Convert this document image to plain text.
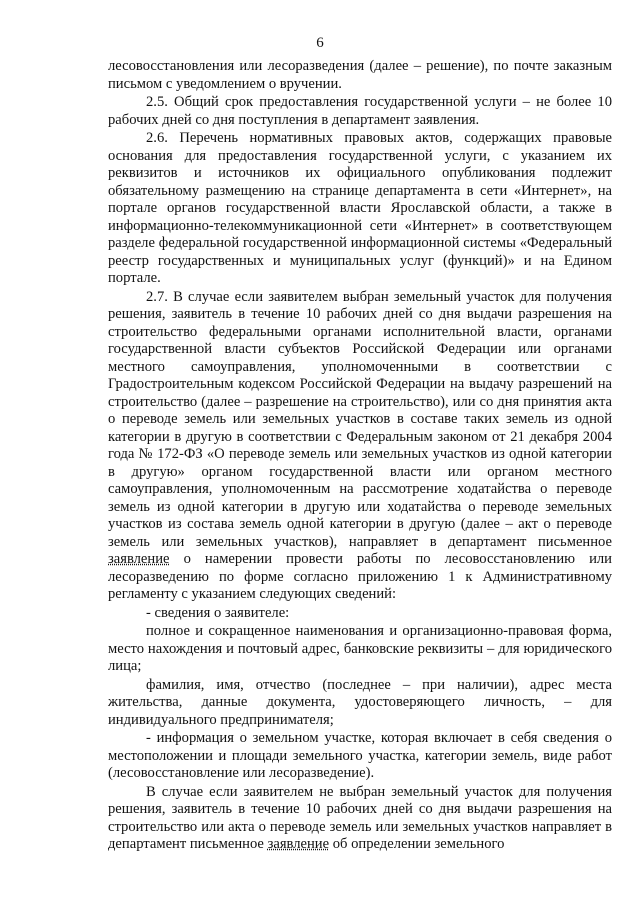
6

лесовосстановления или лесоразведения (далее – решение), по почте заказным письмом с уведомлением о вручении.

2.5. Общий срок предоставления государственной услуги – не более 10 рабочих дней со дня поступления в департамент заявления.

2.6. Перечень нормативных правовых актов, содержащих правовые основания для предоставления государственной услуги, с указанием их реквизитов и источников их официального опубликования подлежит обязательному размещению на странице департамента в сети «Интернет», на портале органов государственной власти Ярославской области, а также в информационно-телекоммуникационной сети «Интернет» в соответствующем разделе федеральной государственной информационной системы «Федеральный реестр государственных и муниципальных услуг (функций)» и на Едином портале.

2.7. В случае если заявителем выбран земельный участок для получения решения, заявитель в течение 10 рабочих дней со дня выдачи разрешения на строительство федеральными органами исполнительной власти, органами государственной власти субъектов Российской Федерации или органами местного самоуправления, уполномоченными в соответствии с Градостроительным кодексом Российской Федерации на выдачу разрешений на строительство (далее – разрешение на строительство), или со дня принятия акта о переводе земель или земельных участков в составе таких земель из одной категории в другую в соответствии с Федеральным законом от 21 декабря 2004 года № 172-ФЗ «О переводе земель или земельных участков из одной категории в другую» органом государственной власти или органом местного самоуправления, уполномоченным на рассмотрение ходатайства о переводе земель из одной категории в другую или ходатайства о переводе земельных участков из состава земель одной категории в другую (далее – акт о переводе земель или земельных участков), направляет в департамент письменное заявление о намерении провести работы по лесовосстановлению или лесоразведению по форме согласно приложению 1 к Административному регламенту с указанием следующих сведений:

- сведения о заявителе:

полное и сокращенное наименования и организационно-правовая форма, место нахождения и почтовый адрес, банковские реквизиты – для юридического лица;

фамилия, имя, отчество (последнее – при наличии), адрес места жительства, данные документа, удостоверяющего личность, – для индивидуального предпринимателя;

- информация о земельном участке, которая включает в себя сведения о местоположении и площади земельного участка, категории земель, виде работ (лесовосстановление или лесоразведение).

В случае если заявителем не выбран земельный участок для получения решения, заявитель в течение 10 рабочих дней со дня выдачи разрешения на строительство или акта о переводе земель или земельных участков направляет в департамент письменное заявление об определении земельного
